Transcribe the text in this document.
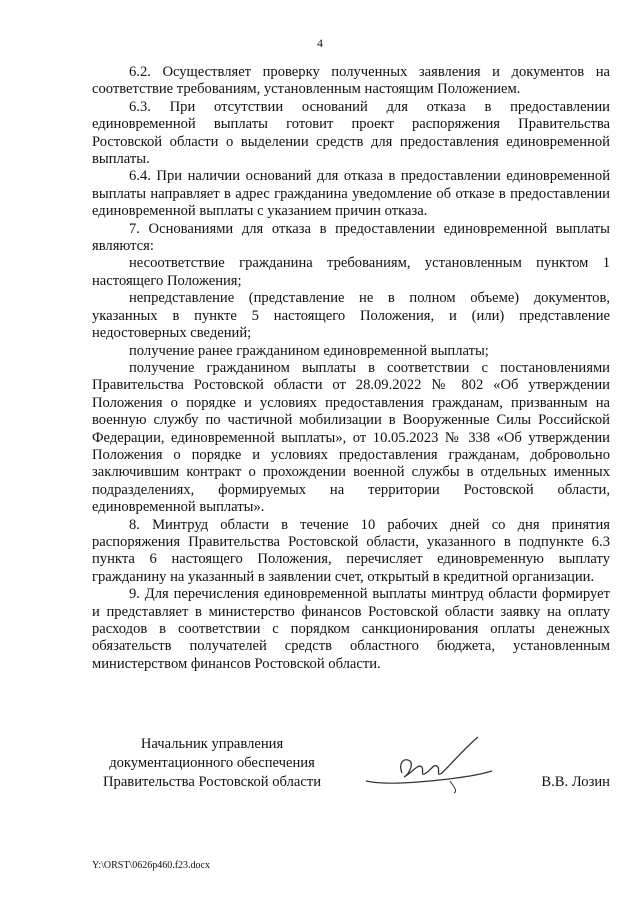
4

6.2. Осуществляет проверку полученных заявления и документов на соответствие требованиям, установленным настоящим Положением.

6.3. При отсутствии оснований для отказа в предоставлении единовременной выплаты готовит проект распоряжения Правительства Ростовской области о выделении средств для предоставления единовременной выплаты.

6.4. При наличии оснований для отказа в предоставлении единовременной выплаты направляет в адрес гражданина уведомление об отказе в предоставлении единовременной выплаты с указанием причин отказа.

7. Основаниями для отказа в предоставлении единовременной выплаты являются:

несоответствие гражданина требованиям, установленным пунктом 1 настоящего Положения;

непредставление (представление не в полном объеме) документов, указанных в пункте 5 настоящего Положения, и (или) представление недостоверных сведений;

получение ранее гражданином единовременной выплаты;

получение гражданином выплаты в соответствии с постановлениями Правительства Ростовской области от 28.09.2022 № 802 «Об утверждении Положения о порядке и условиях предоставления гражданам, призванным на военную службу по частичной мобилизации в Вооруженные Силы Российской Федерации, единовременной выплаты», от 10.05.2023 № 338 «Об утверждении Положения о порядке и условиях предоставления гражданам, добровольно заключившим контракт о прохождении военной службы в отдельных именных подразделениях, формируемых на территории Ростовской области, единовременной выплаты».

8. Минтруд области в течение 10 рабочих дней со дня принятия распоряжения Правительства Ростовской области, указанного в подпункте 6.3 пункта 6 настоящего Положения, перечисляет единовременную выплату гражданину на указанный в заявлении счет, открытый в кредитной организации.

9. Для перечисления единовременной выплаты минтруд области формирует и представляет в министерство финансов Ростовской области заявку на оплату расходов в соответствии с порядком санкционирования оплаты денежных обязательств получателей средств областного бюджета, установленным министерством финансов Ростовской области.

Начальник управления
документационного обеспечения
Правительства Ростовской области	В.В. Лозин
Y:\ORST\0626p460.f23.docx
